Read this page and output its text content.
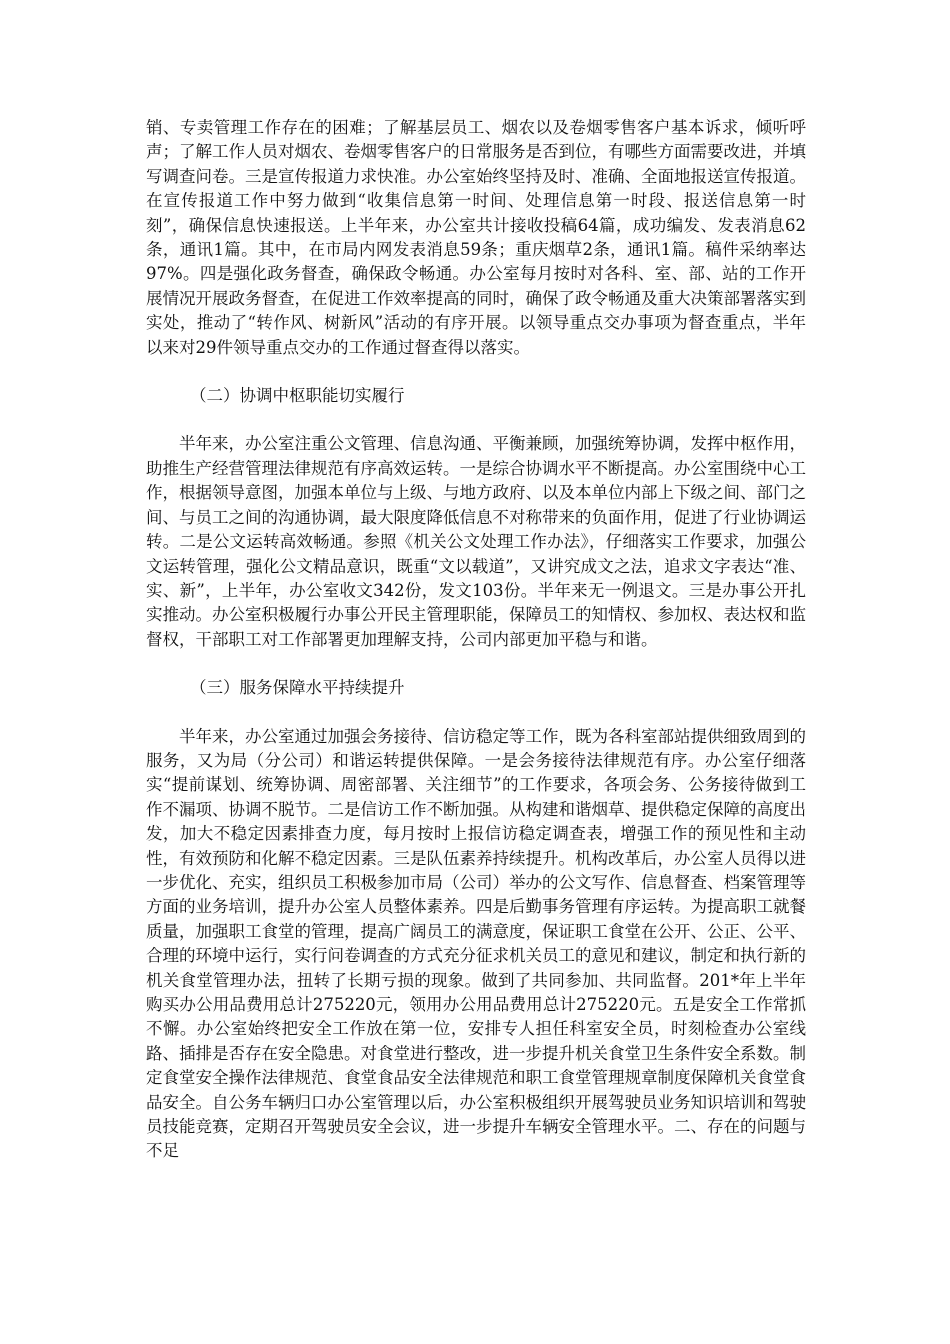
销、专卖管理工作存在的困难；了解基层员工、烟农以及卷烟零售客户基本诉求，倾听呼声；了解工作人员对烟农、卷烟零售客户的日常服务是否到位，有哪些方面需要改进，并填写调查问卷。三是宣传报道力求快准。办公室始终坚持及时、准确、全面地报送宣传报道。在宣传报道工作中努力做到“收集信息第一时间、处理信息第一时段、报送信息第一时刻”，确保信息快速报送。上半年来，办公室共计接收投稿64篇，成功编发、发表消息62条，通讯1篇。其中，在市局内网发表消息59条；重庆烟草2条，通讯1篇。稿件采纳率达97%。四是强化政务督查，确保政令畅通。办公室每月按时对各科、室、部、站的工作开展情况开展政务督查，在促进工作效率提高的同时，确保了政令畅通及重大决策部署落实到实处，推动了“转作风、树新风”活动的有序开展。以领导重点交办事项为督查重点，半年以来对29件领导重点交办的工作通过督查得以落实。

（二）协调中枢职能切实履行

半年来，办公室注重公文管理、信息沟通、平衡兼顾，加强统筹协调，发挥中枢作用，助推生产经营管理法律规范有序高效运转。一是综合协调水平不断提高。办公室围绕中心工作，根据领导意图，加强本单位与上级、与地方政府、以及本单位内部上下级之间、部门之间、与员工之间的沟通协调，最大限度降低信息不对称带来的负面作用，促进了行业协调运转。二是公文运转高效畅通。参照《机关公文处理工作办法》，仔细落实工作要求，加强公文运转管理，强化公文精品意识，既重“文以载道”，又讲究成文之法，追求文字表达“准、实、新”，上半年，办公室收文342份，发文103份。半年来无一例退文。三是办事公开扎实推动。办公室积极履行办事公开民主管理职能，保障员工的知情权、参加权、表达权和监督权，干部职工对工作部署更加理解支持，公司内部更加平稳与和谐。

（三）服务保障水平持续提升

半年来，办公室通过加强会务接待、信访稳定等工作，既为各科室部站提供细致周到的服务，又为局（分公司）和谐运转提供保障。一是会务接待法律规范有序。办公室仔细落实“提前谋划、统筹协调、周密部署、关注细节”的工作要求，各项会务、公务接待做到工作不漏项、协调不脱节。二是信访工作不断加强。从构建和谐烟草、提供稳定保障的高度出发，加大不稳定因素排查力度，每月按时上报信访稳定调查表，增强工作的预见性和主动性，有效预防和化解不稳定因素。三是队伍素养持续提升。机构改革后，办公室人员得以进一步优化、充实，组织员工积极参加市局（公司）举办的公文写作、信息督查、档案管理等方面的业务培训，提升办公室人员整体素养。四是后勤事务管理有序运转。为提高职工就餐质量，加强职工食堂的管理，提高广阔员工的满意度，保证职工食堂在公开、公正、公平、合理的环境中运行，实行问卷调查的方式充分征求机关员工的意见和建议，制定和执行新的机关食堂管理办法，扭转了长期亏损的现象。做到了共同参加、共同监督。201*年上半年购买办公用品费用总计275220元，领用办公用品费用总计275220元。五是安全工作常抓不懈。办公室始终把安全工作放在第一位，安排专人担任科室安全员，时刻检查办公室线路、插排是否存在安全隐患。对食堂进行整改，进一步提升机关食堂卫生条件安全系数。制定食堂安全操作法律规范、食堂食品安全法律规范和职工食堂管理规章制度保障机关食堂食品安全。自公务车辆归口办公室管理以后，办公室积极组织开展驾驶员业务知识培训和驾驶员技能竞赛，定期召开驾驶员安全会议，进一步提升车辆安全管理水平。二、存在的问题与不足
